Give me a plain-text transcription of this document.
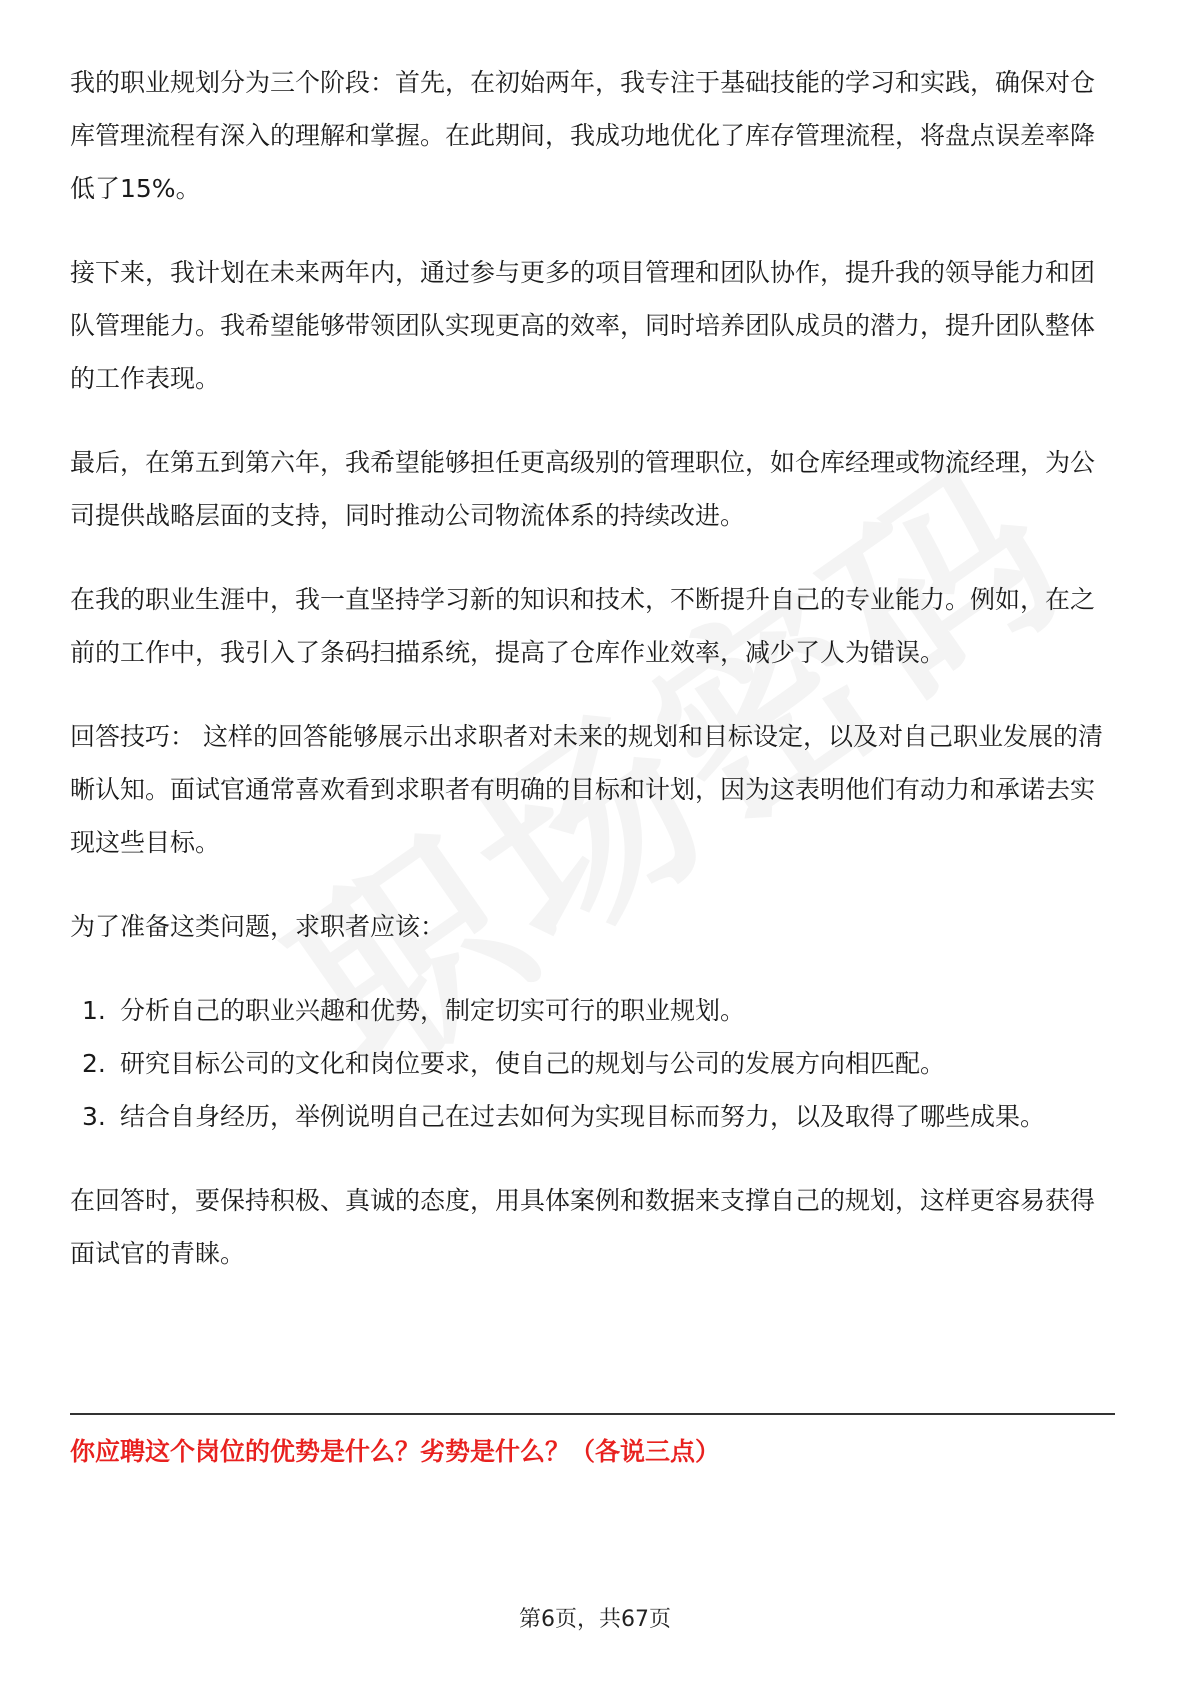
我的职业规划分为三个阶段：首先，在初始两年，我专注于基础技能的学习和实践，确保对仓库管理流程有深入的理解和掌握。在此期间，我成功地优化了库存管理流程，将盘点误差率降低了15%。

接下来，我计划在未来两年内，通过参与更多的项目管理和团队协作，提升我的领导能力和团队管理能力。我希望能够带领团队实现更高的效率，同时培养团队成员的潜力，提升团队整体的工作表现。

最后，在第五到第六年，我希望能够担任更高级别的管理职位，如仓库经理或物流经理，为公司提供战略层面的支持，同时推动公司物流体系的持续改进。

在我的职业生涯中，我一直坚持学习新的知识和技术，不断提升自己的专业能力。例如，在之前的工作中，我引入了条码扫描系统，提高了仓库作业效率，减少了人为错误。

回答技巧： 这样的回答能够展示出求职者对未来的规划和目标设定，以及对自己职业发展的清晰认知。面试官通常喜欢看到求职者有明确的目标和计划，因为这表明他们有动力和承诺去实现这些目标。

为了准备这类问题，求职者应该：

1. 分析自己的职业兴趣和优势，制定切实可行的职业规划。
2. 研究目标公司的文化和岗位要求，使自己的规划与公司的发展方向相匹配。
3. 结合自身经历，举例说明自己在过去如何为实现目标而努力，以及取得了哪些成果。

在回答时，要保持积极、真诚的态度，用具体案例和数据来支撑自己的规划，这样更容易获得面试官的青睐。

你应聘这个岗位的优势是什么？劣势是什么？（各说三点）
第6页，共67页
